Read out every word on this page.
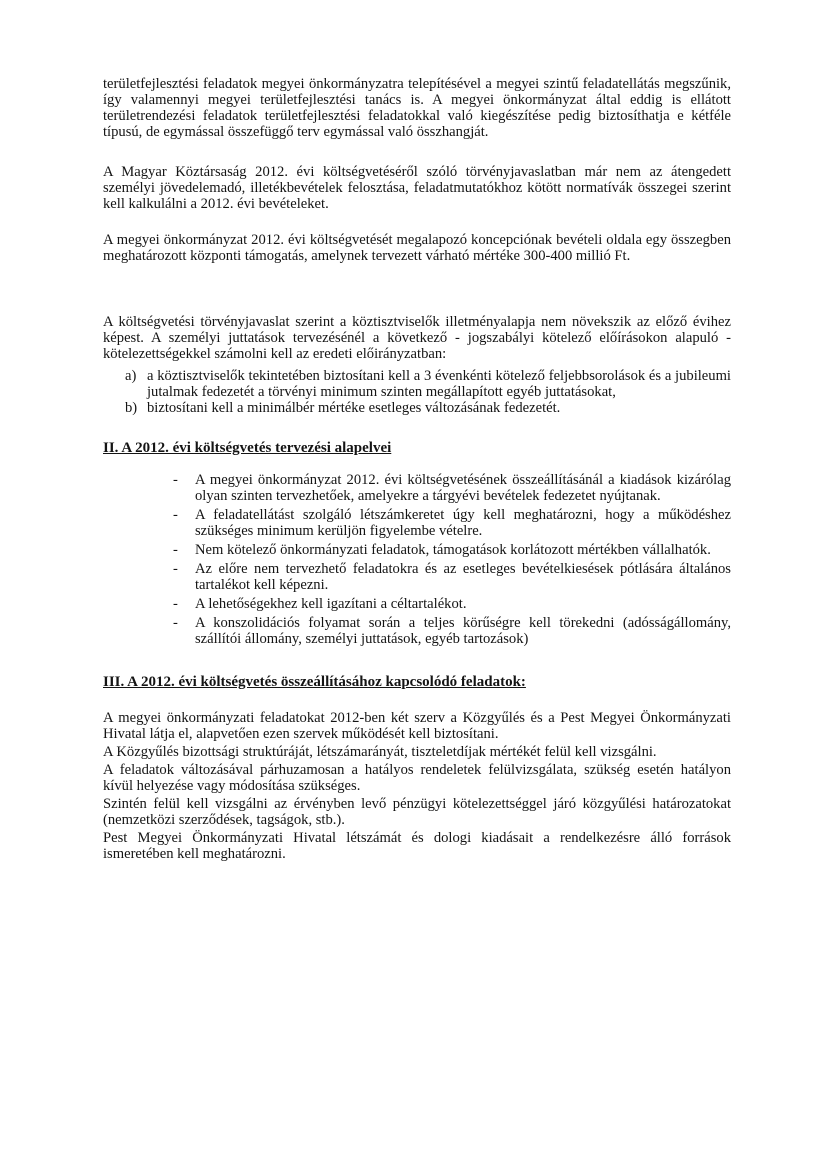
területfejlesztési feladatok megyei önkormányzatra telepítésével a megyei szintű feladatellátás megszűnik, így valamennyi megyei területfejlesztési tanács is. A megyei önkormányzat által eddig is ellátott területrendezési feladatok területfejlesztési feladatokkal való kiegészítése pedig biztosíthatja e kétféle típusú, de egymással összefüggő terv egymással való összhangját.

A Magyar Köztársaság 2012. évi költségvetéséről szóló törvényjavaslatban már nem az átengedett személyi jövedelemadó, illetékbevételek felosztása, feladatmutatókhoz kötött normatívák összegei szerint kell kalkulálni a 2012. évi bevételeket.

A megyei önkormányzat 2012. évi költségvetését megalapozó koncepciónak bevételi oldala egy összegben meghatározott központi támogatás, amelynek tervezett várható mértéke 300-400 millió Ft.

A költségvetési törvényjavaslat szerint a köztisztviselők illetményalapja nem növekszik az előző évihez képest. A személyi juttatások tervezésénél a következő - jogszabályi kötelező előírásokon alapuló - kötelezettségekkel számolni kell az eredeti előirányzatban:

a) a köztisztviselők tekintetében biztosítani kell a 3 évenkénti kötelező feljebbsorolások és a jubileumi jutalmak fedezetét a törvényi minimum szinten megállapított egyéb juttatásokat,
b) biztosítani kell a minimálbér mértéke esetleges változásának fedezetét.

II. A 2012. évi költségvetés tervezési alapelvei

- A megyei önkormányzat 2012. évi költségvetésének összeállításánál a kiadások kizárólag olyan szinten tervezhetőek, amelyekre a tárgyévi bevételek fedezetet nyújtanak.
- A feladatellátást szolgáló létszámkeretet úgy kell meghatározni, hogy a működéshez szükséges minimum kerüljön figyelembe vételre.
- Nem kötelező önkormányzati feladatok, támogatások korlátozott mértékben vállalhatók.
- Az előre nem tervezhető feladatokra és az esetleges bevételkiesések pótlására általános tartalékot kell képezni.
- A lehetőségekhez kell igazítani a céltartalékot.
- A konszolidációs folyamat során a teljes körűségre kell törekedni (adósságállomány, szállítói állomány, személyi juttatások, egyéb tartozások)

III. A 2012. évi költségvetés összeállításához kapcsolódó feladatok:

A megyei önkormányzati feladatokat 2012-ben két szerv a Közgyűlés és a Pest Megyei Önkormányzati Hivatal látja el, alapvetően ezen szervek működését kell biztosítani.

A Közgyűlés bizottsági struktúráját, létszámarányát, tiszteletdíjak mértékét felül kell vizsgálni.

A feladatok változásával párhuzamosan a hatályos rendeletek felülvizsgálata, szükség esetén hatályon kívül helyezése vagy módosítása szükséges.

Szintén felül kell vizsgálni az érvényben levő pénzügyi kötelezettséggel járó közgyűlési határozatokat (nemzetközi szerződések, tagságok, stb.).

Pest Megyei Önkormányzati Hivatal létszámát és dologi kiadásait a rendelkezésre álló források ismeretében kell meghatározni.
